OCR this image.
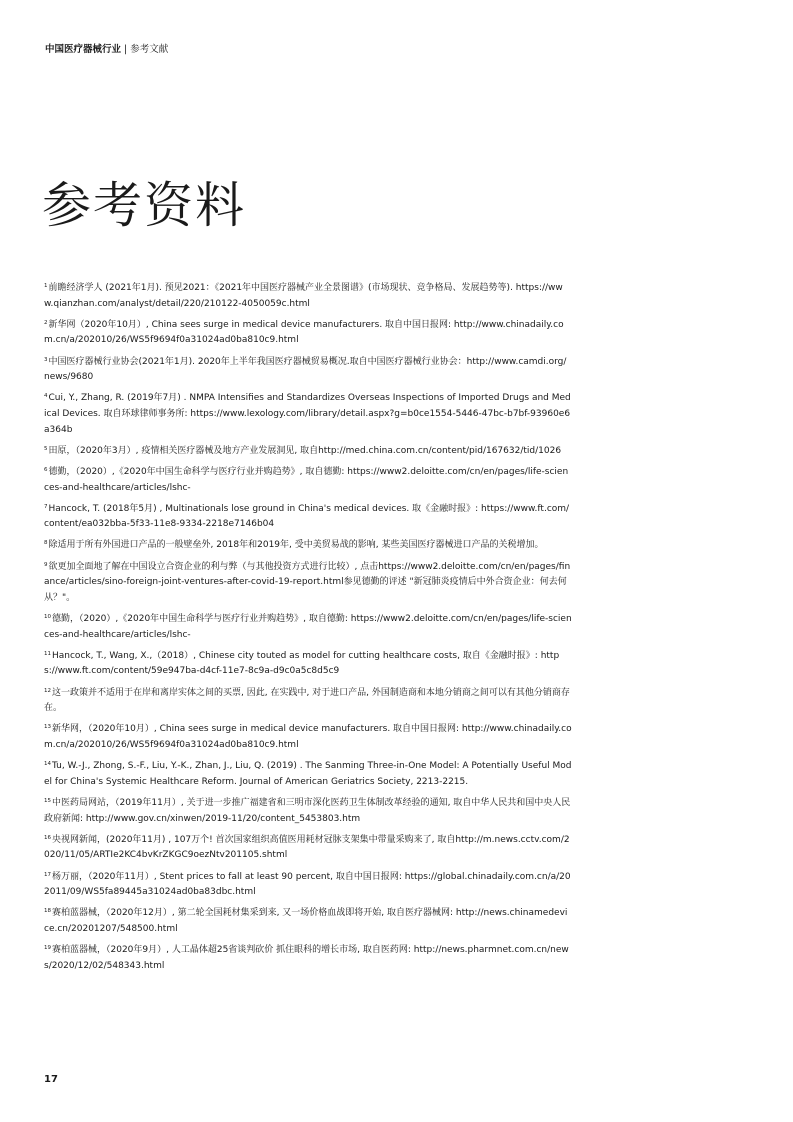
中国医疗器械行业 | 参考文献
参考资料
$^1$前瞻经济学人 (2021年1月). 预见2021：《2021年中国医疗器械产业全景图谱》(市场现状、竞争格局、发展趋势等). https://www.qianzhan.com/analyst/detail/220/210122-4050059c.html
$^2$新华网（2020年10月）, China sees surge in medical device manufacturers. 取自中国日报网: http://www.chinadaily.com.cn/a/202010/26/WS5f9694f0a31024ad0ba810c9.html
$^3$中国医疗器械行业协会(2021年1月). 2020年上半年我国医疗器械贸易概况.取自中国医疗器械行业协会：http://www.camdi.org/news/9680
$^4$Cui, Y., Zhang, R. (2019年7月) . NMPA Intensifies and Standardizes Overseas Inspections of Imported Drugs and Medical Devices. 取自环球律师事务所: https://www.lexology.com/library/detail.aspx?g=b0ce1554-5446-47bc-b7bf-93960e6a364b
$^5$田原，（2020年3月）, 疫情相关医疗器械及地方产业发展洞见, 取自http://med.china.com.cn/content/pid/167632/tid/1026
$^6$德勤，（2020）,《2020年中国生命科学与医疗行业并购趋势》, 取自德勤: https://www2.deloitte.com/cn/en/pages/life-sciences-and-healthcare/articles/lshc-
$^7$Hancock, T. (2018年5月) , Multinationals lose ground in China's medical devices. 取《金融时报》: https://www.ft.com/content/ea032bba-5f33-11e8-9334-2218e7146b04
$^8$除适用于所有外国进口产品的一般壁垒外, 2018年和2019年, 受中美贸易战的影响, 某些美国医疗器械进口产品的关税增加。
$^9$欲更加全面地了解在中国设立合资企业的利与弊（与其他投资方式进行比较）, 点击https://www2.deloitte.com/cn/en/pages/finance/articles/sino-foreign-joint-ventures-after-covid-19-report.html参见德勤的评述 "新冠肺炎疫情后中外合资企业：何去何从？"。
$^{10}$德勤，（2020）,《2020年中国生命科学与医疗行业并购趋势》, 取自德勤: https://www2.deloitte.com/cn/en/pages/life-sciences-and-healthcare/articles/lshc-
$^{11}$Hancock, T., Wang, X.,（2018）, Chinese city touted as model for cutting healthcare costs, 取自《金融时报》: https://www.ft.com/content/59e947ba-d4cf-11e7-8c9a-d9c0a5c8d5c9
$^{12}$这一政策并不适用于在岸和离岸实体之间的买票, 因此, 在实践中, 对于进口产品, 外国制造商和本地分销商之间可以有其他分销商存在。
$^{13}$新华网，（2020年10月）, China sees surge in medical device manufacturers. 取自中国日报网: http://www.chinadaily.com.cn/a/202010/26/WS5f9694f0a31024ad0ba810c9.html
$^{14}$Tu, W.-J., Zhong, S.-F., Liu, Y.-K., Zhan, J., Liu, Q. (2019) . The Sanming Three-in-One Model: A Potentially Useful Model for China's Systemic Healthcare Reform. Journal of American Geriatrics Society, 2213-2215.
$^{15}$中医药局网站，（2019年11月）, 关于进一步推广福建省和三明市深化医药卫生体制改革经验的通知, 取自中华人民共和国中央人民政府新闻: http://www.gov.cn/xinwen/2019-11/20/content_5453803.htm
$^{16}$央视网新闻，(2020年11月) , 107万个! 首次国家组织高值医用耗材冠脉支架集中带量采购来了, 取自http://m.news.cctv.com/2020/11/05/ARTIe2KC4bvKrZKGC9oezNtv201105.shtml
$^{17}$杨万丽，（2020年11月）, Stent prices to fall at least 90 percent, 取自中国日报网: https://global.chinadaily.com.cn/a/202011/09/WS5fa89445a31024ad0ba83dbc.html
$^{18}$赛柏蓝器械，（2020年12月）, 第二轮全国耗材集采到来, 又一场价格血战即将开始, 取自医疗器械网: http://news.chinamedevice.cn/20201207/548500.html
$^{19}$赛柏蓝器械，（2020年9月）, 人工晶体超25省谈判砍价 抓住眼科的增长市场, 取自医药网: http://news.pharmnet.com.cn/news/2020/12/02/548343.html
17
